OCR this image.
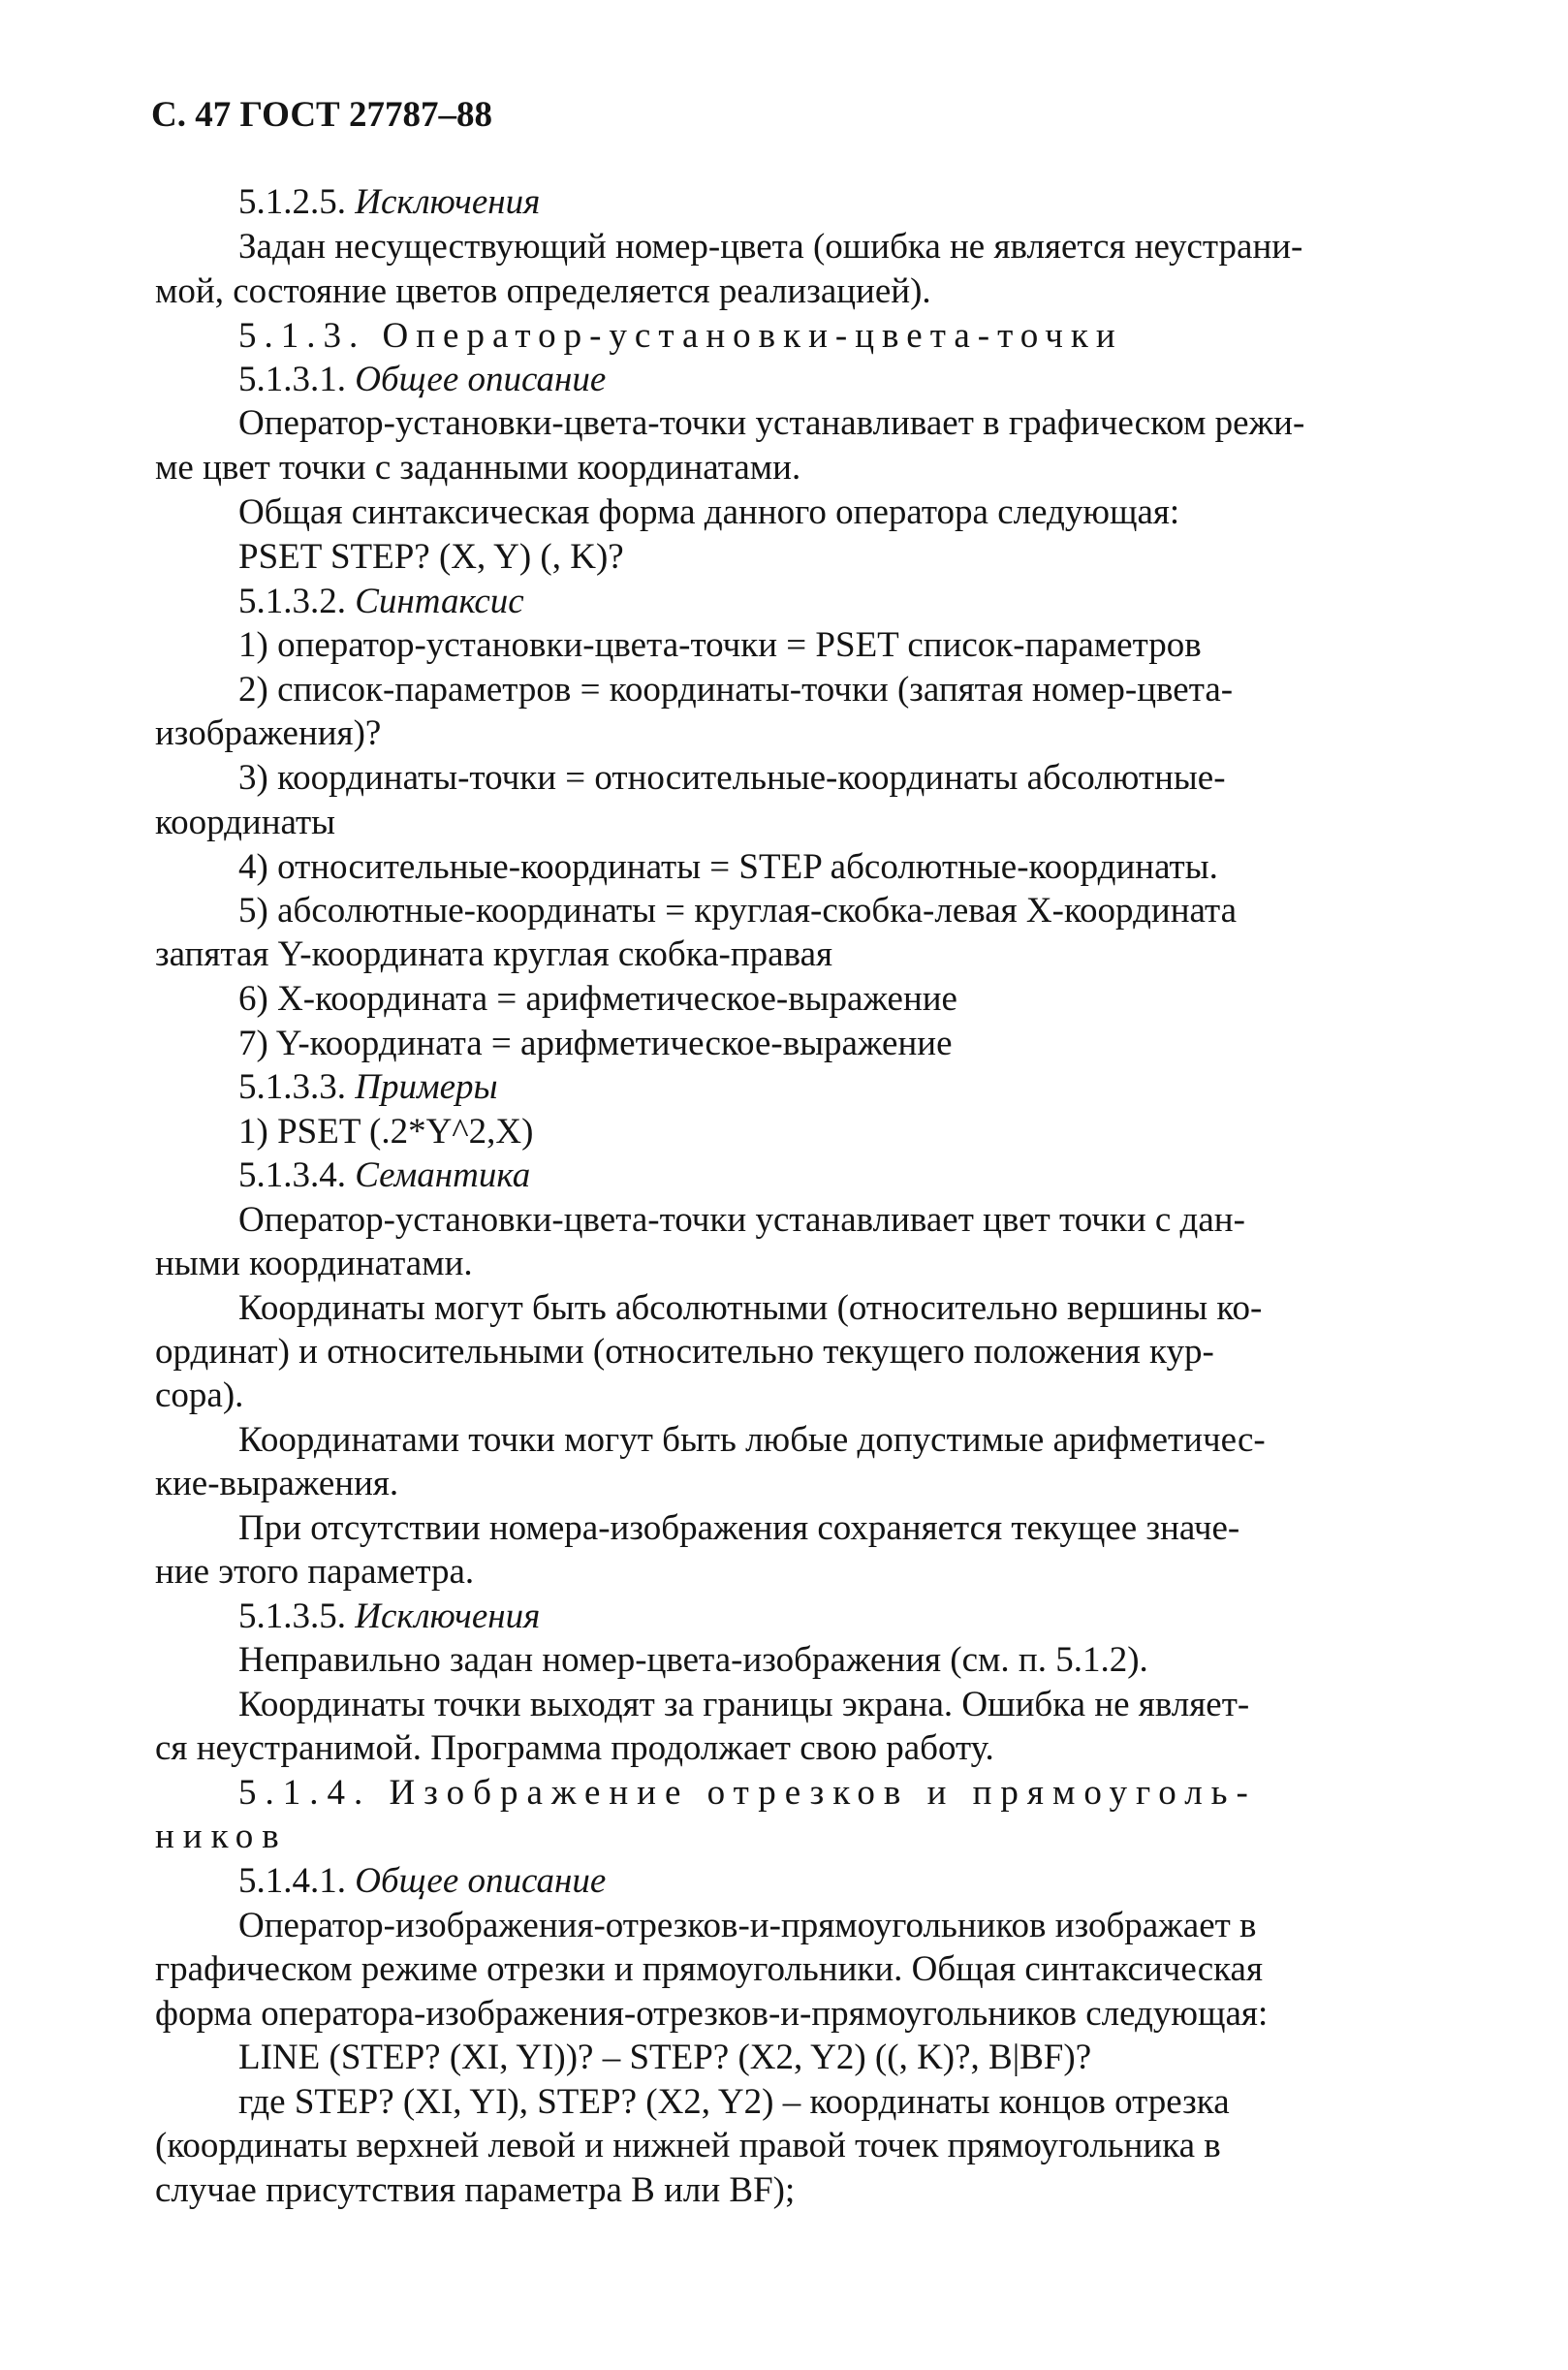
С. 47 ГОСТ 27787–88
5.1.2.5. Исключения
Задан несуществующий номер-цвета (ошибка не является неустрани-
мой, состояние цветов определяется реализацией).
5.1.3. Оператор-установки-цвета-точки
5.1.3.1. Общее описание
Оператор-установки-цвета-точки устанавливает в графическом режи-
ме цвет точки с заданными координатами.
Общая синтаксическая форма данного оператора следующая:
PSET STEP? (X, Y) (, K)?
5.1.3.2. Синтаксис
1) оператор-установки-цвета-точки = PSET список-параметров
2) список-параметров = координаты-точки (запятая номер-цвета-
изображения)?
3) координаты-точки = относительные-координаты абсолютные-
координаты
4) относительные-координаты = STEP абсолютные-координаты.
5) абсолютные-координаты = круглая-скобка-левая X-координата
запятая Y-координата круглая скобка-правая
6) X-координата = арифметическое-выражение
7) Y-координата = арифметическое-выражение
5.1.3.3. Примеры
1) PSET (.2*Y^2,X)
5.1.3.4. Семантика
Оператор-установки-цвета-точки устанавливает цвет точки с дан-
ными координатами.
Координаты могут быть абсолютными (относительно вершины ко-
ординат) и относительными (относительно текущего положения кур-
сора).
Координатами точки могут быть любые допустимые арифметичес-
кие-выражения.
При отсутствии номера-изображения сохраняется текущее значе-
ние этого параметра.
5.1.3.5. Исключения
Неправильно задан номер-цвета-изображения (см. п. 5.1.2).
Координаты точки выходят за границы экрана. Ошибка не являет-
ся неустранимой. Программа продолжает свою работу.
5.1.4. Изображение отрезков и прямоуголь-
ников
5.1.4.1. Общее описание
Оператор-изображения-отрезков-и-прямоугольников изображает в
графическом режиме отрезки и прямоугольники. Общая синтаксическая
форма оператора-изображения-отрезков-и-прямоугольников следующая:
LINE (STEP? (XI, YI))? – STEP? (X2, Y2) ((, K)?, B|BF)?
где STEP? (XI, YI), STEP? (X2, Y2) – координаты концов отрезка
(координаты верхней левой и нижней правой точек прямоугольника в
случае присутствия параметра B или BF);
